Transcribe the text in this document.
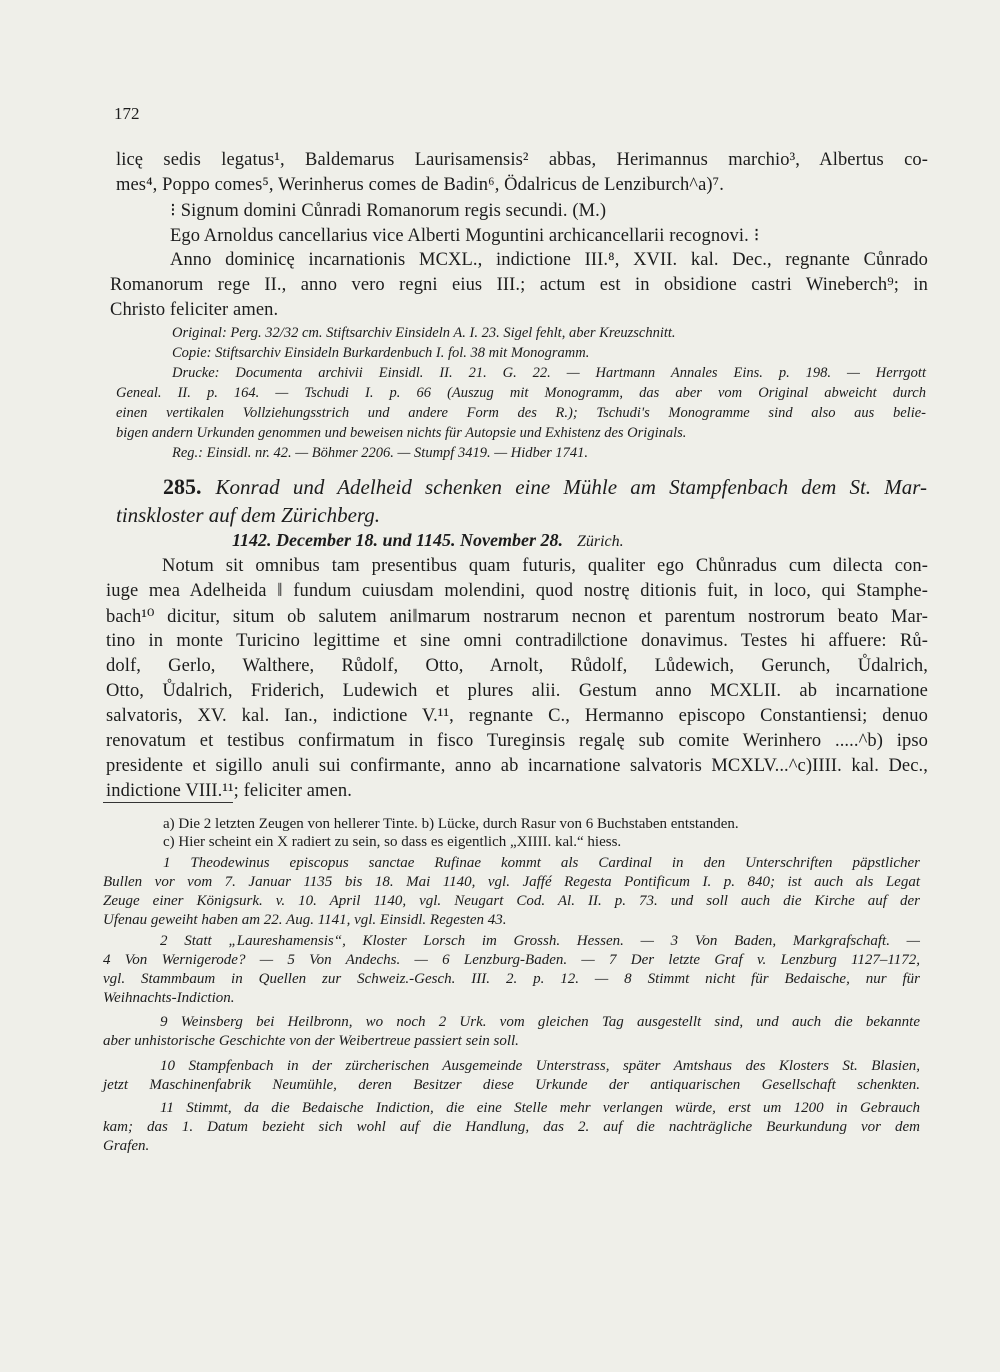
172
licę sedis legatus¹, Baldemarus Laurisamensis² abbas, Herimannus marchio³, Albertus co-
mes⁴, Poppo comes⁵, Werinherus comes de Badin⁶, Ödalricus de Lenziburch^a)⁷.
⁝ Signum domini Cůnradi Romanorum regis secundi. (M.)
Ego Arnoldus cancellarius vice Alberti Moguntini archicancellarii recognovi. ⁝
Anno dominicę incarnationis MCXL., indictione III.⁸, XVII. kal. Dec., regnante Cůnrado
Romanorum rege II., anno vero regni eius III.; actum est in obsidione castri Wineberch⁹; in
Christo feliciter amen.
Original: Perg. 32/32 cm. Stiftsarchiv Einsideln A. I. 23. Sigel fehlt, aber Kreuzschnitt.
Copie: Stiftsarchiv Einsideln Burkardenbuch I. fol. 38 mit Monogramm.
Drucke: Documenta archivii Einsidl. II. 21. G. 22. — Hartmann Annales Eins. p. 198. — Herrgott
Geneal. II. p. 164. — Tschudi I. p. 66 (Auszug mit Monogramm, das aber vom Original abweicht durch
einen vertikalen Vollziehungsstrich und andere Form des R.); Tschudi's Monogramme sind also aus belie-
bigen andern Urkunden genommen und beweisen nichts für Autopsie und Exhistenz des Originals.
Reg.: Einsidl. nr. 42. — Böhmer 2206. — Stumpf 3419. — Hidber 1741.
285. Konrad und Adelheid schenken eine Mühle am Stampfenbach dem St. Mar-
tinskloster auf dem Zürichberg.
1142. December 18. und 1145. November 28. Zürich.
Notum sit omnibus tam presentibus quam futuris, qualiter ego Chůnradus cum dilecta con-
iuge mea Adelheida ‖ fundum cuiusdam molendini, quod nostrę ditionis fuit, in loco, qui Stamphe-
bach¹⁰ dicitur, situm ob salutem ani‖marum nostrarum necnon et parentum nostrorum beato Mar-
tino in monte Turicino legittime et sine omni contradi‖ctione donavimus. Testes hi affuere: Rů-
dolf, Gerlo, Walthere, Růdolf, Otto, Arnolt, Růdolf, Lůdewich, Gerunch, Ůdalrich,
Otto, Ůdalrich, Friderich, Ludewich et plures alii. Gestum anno MCXLII. ab incarnatione
salvatoris, XV. kal. Ian., indictione V.¹¹, regnante C., Hermanno episcopo Constantiensi; denuo
renovatum et testibus confirmatum in fisco Tureginsis regalę sub comite Werinhero .....^b) ipso
presidente et sigillo anuli sui confirmante, anno ab incarnatione salvatoris MCXLV...^c)IIII. kal. Dec.,
indictione VIII.¹¹; feliciter amen.
a) Die 2 letzten Zeugen von hellerer Tinte. b) Lücke, durch Rasur von 6 Buchstaben entstanden.
c) Hier scheint ein X radiert zu sein, so dass es eigentlich „XIIII. kal.“ hiess.
1 Theodewinus episcopus sanctae Rufinae kommt als Cardinal in den Unterschriften päpstlicher
Bullen vor vom 7. Januar 1135 bis 18. Mai 1140, vgl. Jaffé Regesta Pontificum I. p. 840; ist auch als Legat
Zeuge einer Königsurk. v. 10. April 1140, vgl. Neugart Cod. Al. II. p. 73. und soll auch die Kirche auf der
Ufenau geweiht haben am 22. Aug. 1141, vgl. Einsidl. Regesten 43.
2 Statt „Laureshamensis“, Kloster Lorsch im Grossh. Hessen. — 3 Von Baden, Markgrafschaft. —
4 Von Wernigerode? — 5 Von Andechs. — 6 Lenzburg-Baden. — 7 Der letzte Graf v. Lenzburg 1127–1172,
vgl. Stammbaum in Quellen zur Schweiz.-Gesch. III. 2. p. 12. — 8 Stimmt nicht für Bedaische, nur für
Weihnachts-Indiction.
9 Weinsberg bei Heilbronn, wo noch 2 Urk. vom gleichen Tag ausgestellt sind, und auch die bekannte
aber unhistorische Geschichte von der Weibertreue passiert sein soll.
10 Stampfenbach in der zürcherischen Ausgemeinde Unterstrass, später Amtshaus des Klosters St. Blasien,
jetzt Maschinenfabrik Neumühle, deren Besitzer diese Urkunde der antiquarischen Gesellschaft schenkten.
11 Stimmt, da die Bedaische Indiction, die eine Stelle mehr verlangen würde, erst um 1200 in Gebrauch
kam; das 1. Datum bezieht sich wohl auf die Handlung, das 2. auf die nachträgliche Beurkundung vor dem
Grafen.
